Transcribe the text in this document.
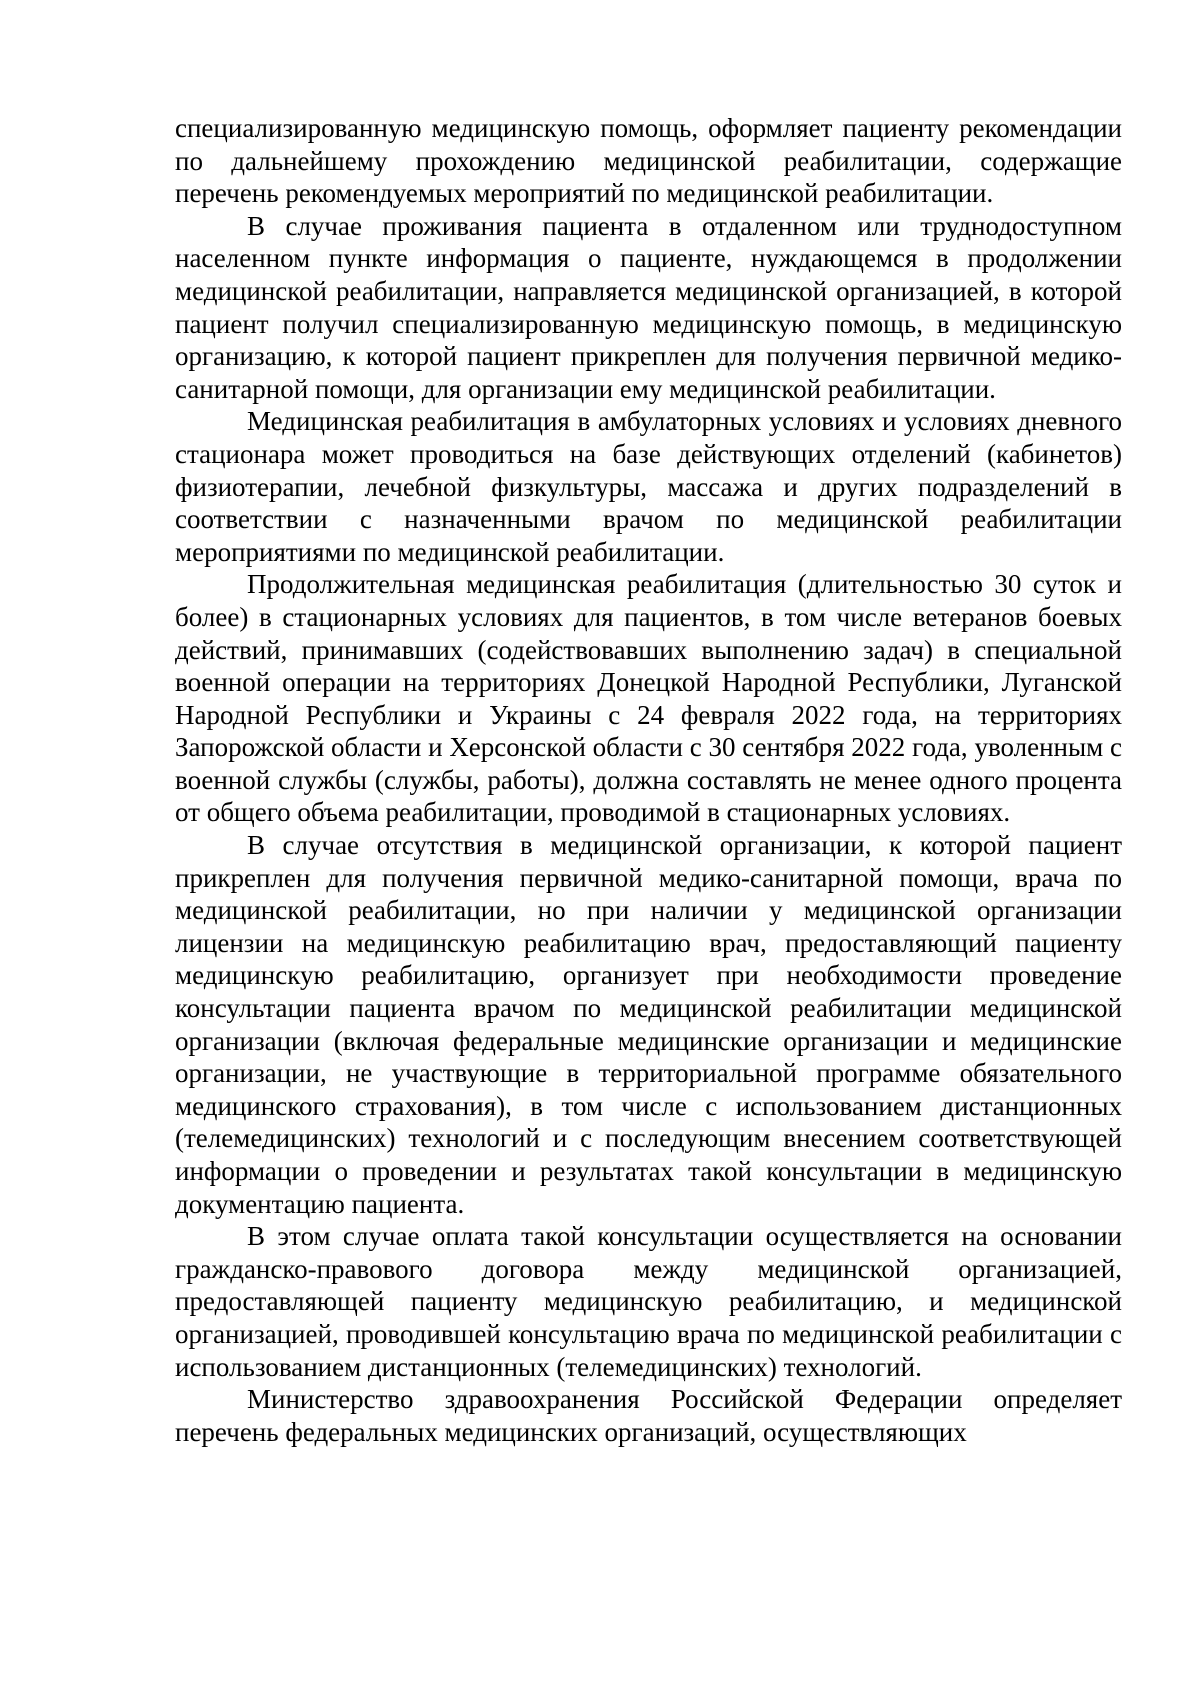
специализированную медицинскую помощь, оформляет пациенту рекомендации по дальнейшему прохождению медицинской реабилитации, содержащие перечень рекомендуемых мероприятий по медицинской реабилитации.

В случае проживания пациента в отдаленном или труднодоступном населенном пункте информация о пациенте, нуждающемся в продолжении медицинской реабилитации, направляется медицинской организацией, в которой пациент получил специализированную медицинскую помощь, в медицинскую организацию, к которой пациент прикреплен для получения первичной медико-санитарной помощи, для организации ему медицинской реабилитации.

Медицинская реабилитация в амбулаторных условиях и условиях дневного стационара может проводиться на базе действующих отделений (кабинетов) физиотерапии, лечебной физкультуры, массажа и других подразделений в соответствии с назначенными врачом по медицинской реабилитации мероприятиями по медицинской реабилитации.

Продолжительная медицинская реабилитация (длительностью 30 суток и более) в стационарных условиях для пациентов, в том числе ветеранов боевых действий, принимавших (содействовавших выполнению задач) в специальной военной операции на территориях Донецкой Народной Республики, Луганской Народной Республики и Украины с 24 февраля 2022 года, на территориях Запорожской области и Херсонской области с 30 сентября 2022 года, уволенным с военной службы (службы, работы), должна составлять не менее одного процента от общего объема реабилитации, проводимой в стационарных условиях.

В случае отсутствия в медицинской организации, к которой пациент прикреплен для получения первичной медико-санитарной помощи, врача по медицинской реабилитации, но при наличии у медицинской организации лицензии на медицинскую реабилитацию врач, предоставляющий пациенту медицинскую реабилитацию, организует при необходимости проведение консультации пациента врачом по медицинской реабилитации медицинской организации (включая федеральные медицинские организации и медицинские организации, не участвующие в территориальной программе обязательного медицинского страхования), в том числе с использованием дистанционных (телемедицинских) технологий и с последующим внесением соответствующей информации о проведении и результатах такой консультации в медицинскую документацию пациента.

В этом случае оплата такой консультации осуществляется на основании гражданско-правового договора между медицинской организацией, предоставляющей пациенту медицинскую реабилитацию, и медицинской организацией, проводившей консультацию врача по медицинской реабилитации с использованием дистанционных (телемедицинских) технологий.

Министерство здравоохранения Российской Федерации определяет перечень федеральных медицинских организаций, осуществляющих
